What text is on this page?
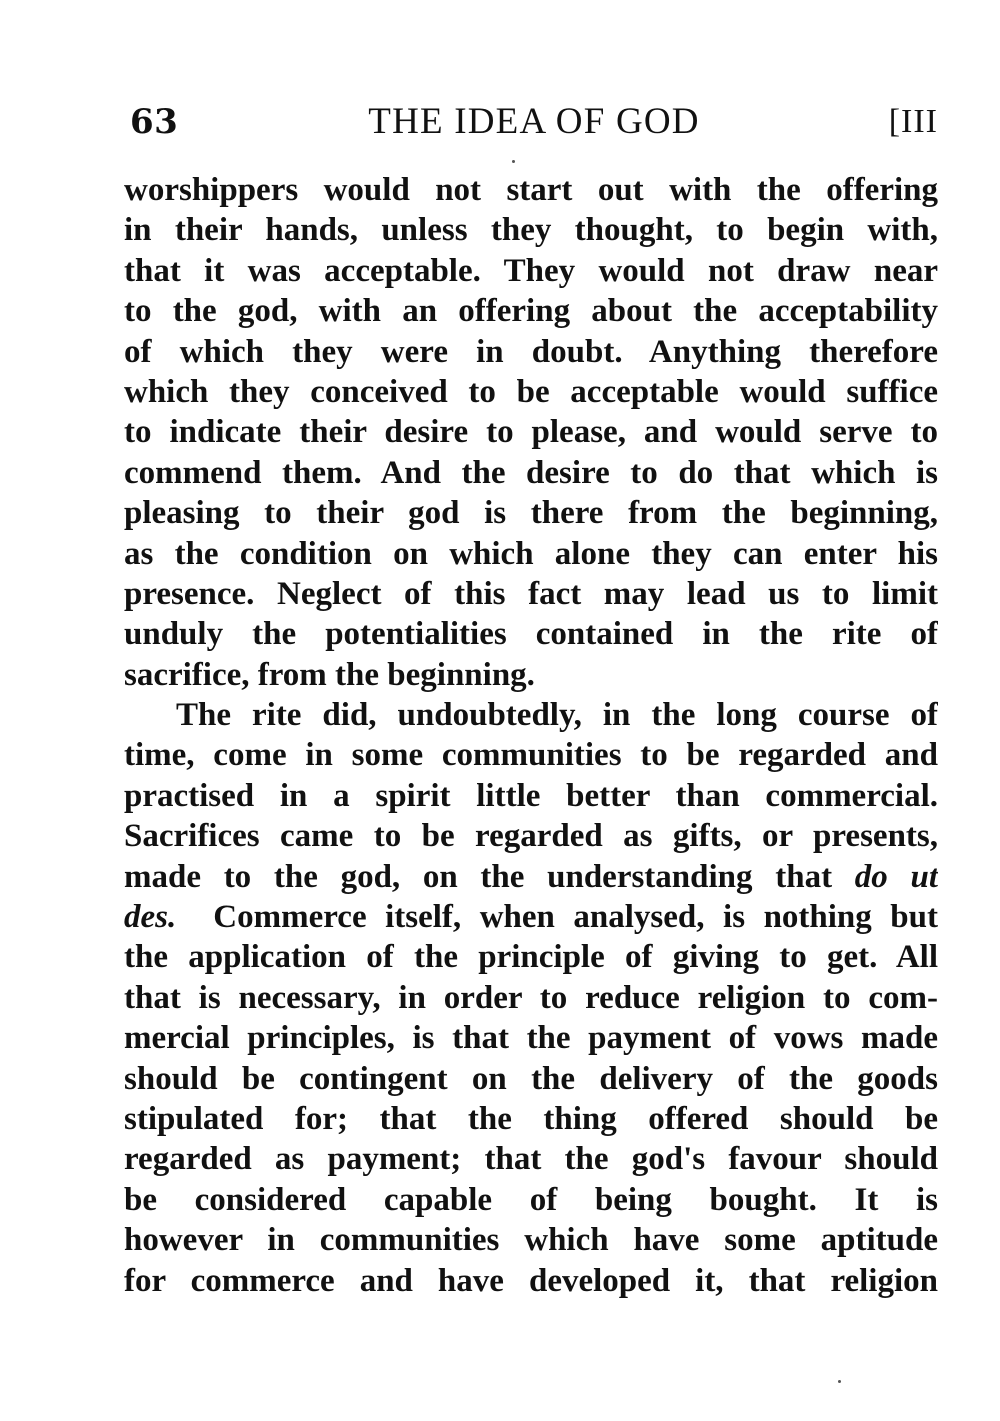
63	THE IDEA OF GOD	[III
worshippers would not start out with the offering
in their hands, unless they thought, to begin with,
that it was acceptable. They would not draw near
to the god, with an offering about the acceptability
of which they were in doubt. Anything therefore
which they conceived to be acceptable would suffice
to indicate their desire to please, and would serve to
commend them. And the desire to do that which is
pleasing to their god is there from the beginning,
as the condition on which alone they can enter his
presence. Neglect of this fact may lead us to limit
unduly the potentialities contained in the rite of
sacrifice, from the beginning.
The rite did, undoubtedly, in the long course of
time, come in some communities to be regarded and
practised in a spirit little better than commercial.
Sacrifices came to be regarded as gifts, or presents,
made to the god, on the understanding that do ut
des. Commerce itself, when analysed, is nothing but
the application of the principle of giving to get. All
that is necessary, in order to reduce religion to com-
mercial principles, is that the payment of vows made
should be contingent on the delivery of the goods
stipulated for; that the thing offered should be
regarded as payment; that the god's favour should
be considered capable of being bought. It is
however in communities which have some aptitude
for commerce and have developed it, that religion
